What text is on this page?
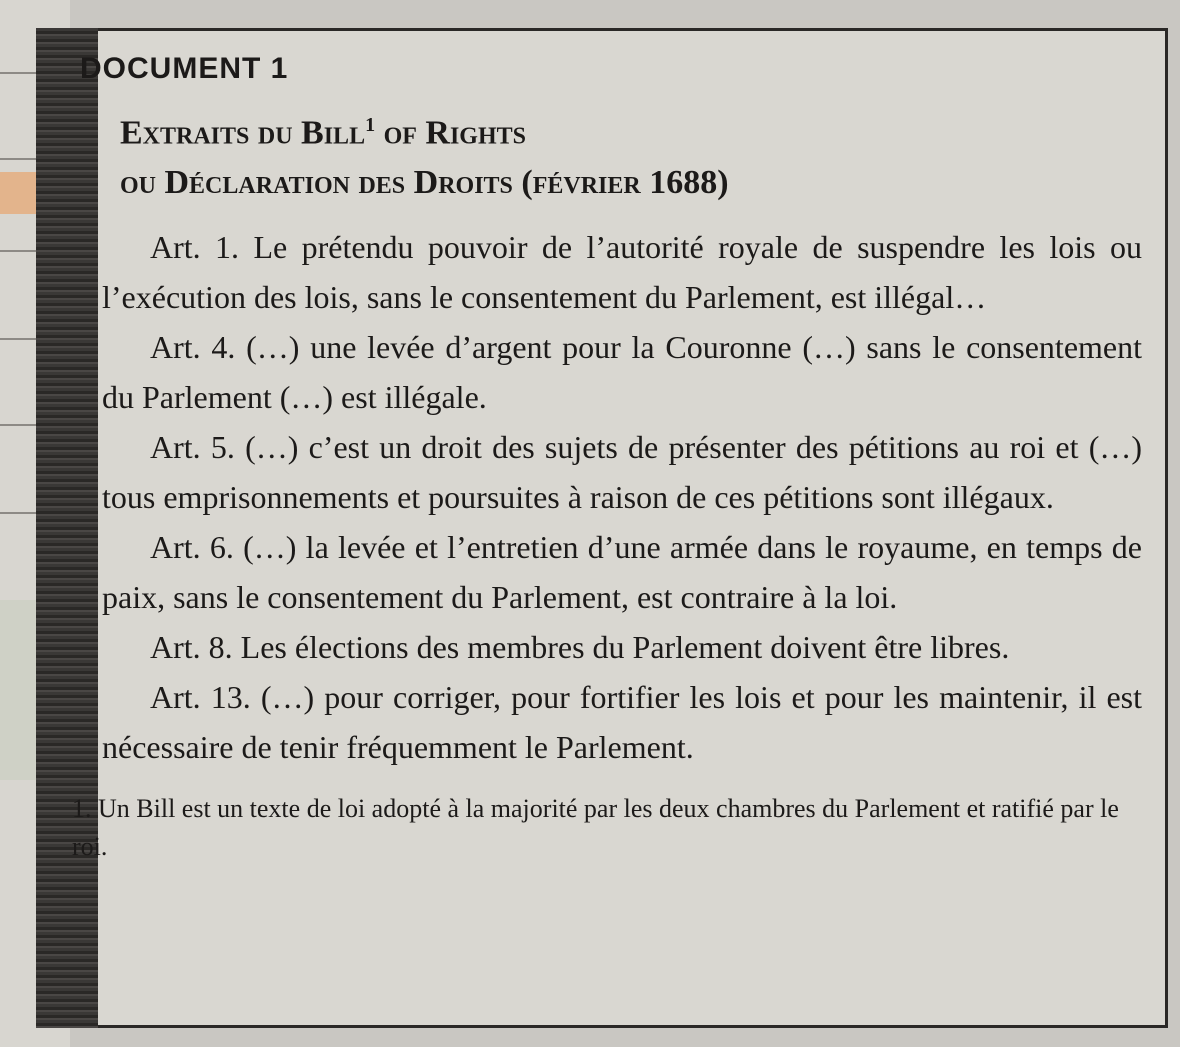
DOCUMENT 1
Extraits du Bill$^1$ of Rights
ou Déclaration des Droits (février 1688)

Art. 1. Le prétendu pouvoir de l’autorité royale de suspendre les lois ou l’exécution des lois, sans le consentement du Parlement, est illégal…

Art. 4. (…) une levée d’argent pour la Couronne (…) sans le consentement du Parlement (…) est illégale.

Art. 5. (…) c’est un droit des sujets de présenter des pétitions au roi et (…) tous emprisonnements et poursuites à raison de ces pétitions sont illégaux.

Art. 6. (…) la levée et l’entretien d’une armée dans le royaume, en temps de paix, sans le consentement du Parlement, est contraire à la loi.

Art. 8. Les élections des membres du Parlement doivent être libres.

Art. 13. (…) pour corriger, pour fortifier les lois et pour les maintenir, il est nécessaire de tenir fréquemment le Parlement.

1. Un Bill est un texte de loi adopté à la majorité par les deux chambres du Parlement et ratifié par le roi.
